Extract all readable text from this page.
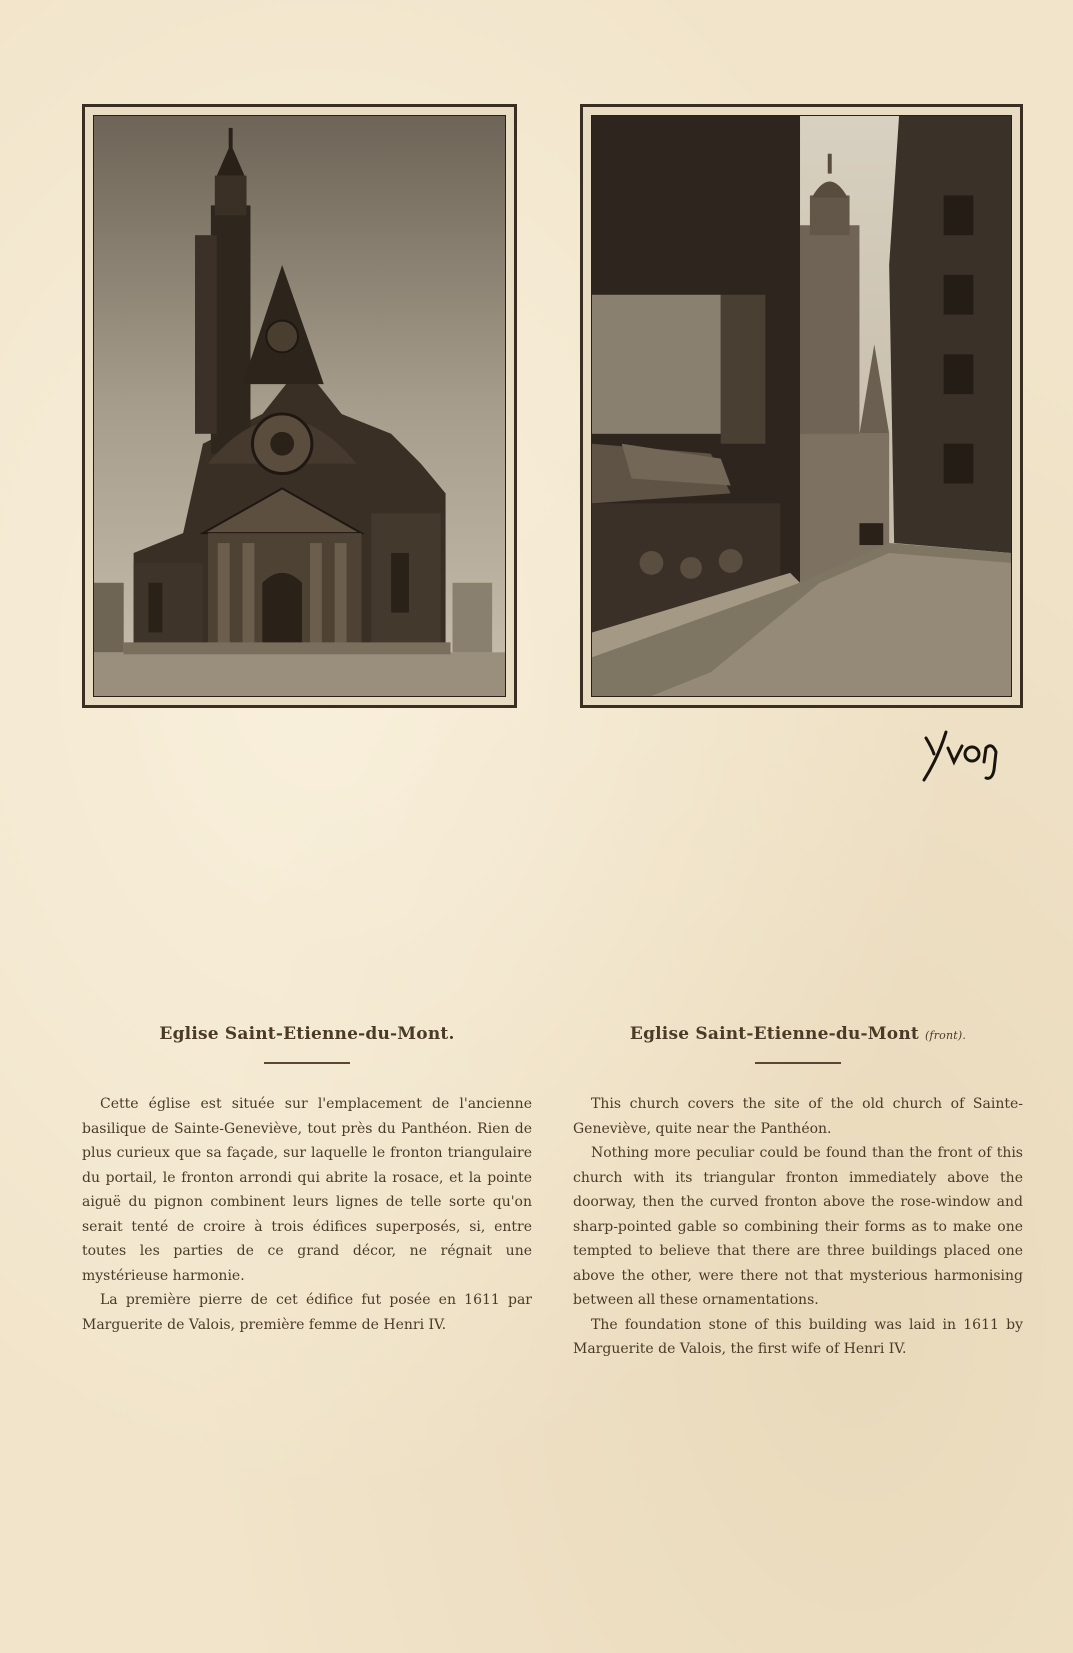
Eglise Saint-Etienne-du-Mont.

Cette église est située sur l'emplacement de l'ancienne basilique de Sainte-Geneviève, tout près du Panthéon. Rien de plus curieux que sa façade, sur laquelle le fronton triangulaire du portail, le fronton arrondi qui abrite la rosace, et la pointe aiguë du pignon combinent leurs lignes de telle sorte qu'on serait tenté de croire à trois édifices superposés, si, entre toutes les parties de ce grand décor, ne régnait une mystérieuse harmonie.

La première pierre de cet édifice fut posée en 1611 par Marguerite de Valois, première femme de Henri IV.

Eglise Saint-Etienne-du-Mont (front).

This church covers the site of the old church of Sainte-Geneviève, quite near the Panthéon.

Nothing more peculiar could be found than the front of this church with its triangular fronton immediately above the doorway, then the curved fronton above the rose-window and sharp-pointed gable so combining their forms as to make one tempted to believe that there are three buildings placed one above the other, were there not that mysterious harmonising between all these ornamentations.

The foundation stone of this building was laid in 1611 by Marguerite de Valois, the first wife of Henri IV.
